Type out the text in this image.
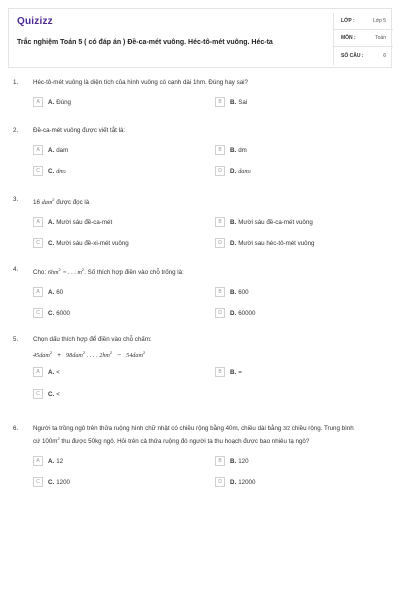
Quizizz
Trắc nghiệm Toán 5 ( có đáp án ) Đề-ca-mét vuông. Héc-tô-mét vuông. Héc-ta
LỚP :	Lớp 5
MÔN :	Toán
SỐ CÂU :	6
1.	Héc-tô-mét vuông là diện tích của hình vuông có cạnh dài 1hm. Đúng hay sai?
A	A. Đúng	B	B. Sai
2.	Đề-ca-mét vuông được viết tắt là:
A	A. dam	B	B. dm
C	C. dm 2	D	D. dam 2
3.	16 dam$^2$ được đọc là
A	A. Mười sáu đề-ca-mét	B	B. Mười sáu đề-ca-mét vuông
C	C. Mười sáu đề-xi-mét vuông	D	D. Mười sau héc-tô-mét vuông
4.	Cho: $6hm^2$ = . . . $m^2$. Số thích hợp điền vào chỗ trống là:
A	A. 60	B	B. 600
C	C. 6000	D	D. 60000
5.	Chọn dấu thích hợp để điền vào chỗ chấm:
45dam$^2$ + 98dam$^2$ . . . . $2hm^2 - 54dam^2$
A	A. <	B	B. =
C	C. <
6.	Người ta trồng ngô trên thửa ruộng hình chữ nhật có chiều rộng bằng 40m, chiều dài bằng 3/2 chiều rộng. Trung bình
cứ $100m^2$ thu được 50kg ngô. Hỏi trên cả thửa ruộng đó người ta thu hoạch được bao nhiêu tạ ngô?
A	A. 12	B	B. 120
C	C. 1200	D	D. 12000
